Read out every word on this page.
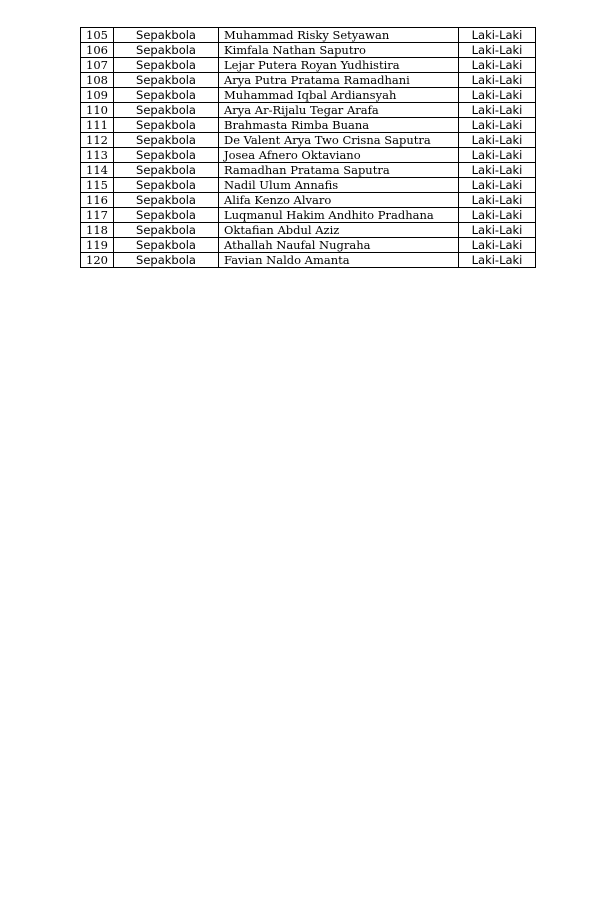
105	Sepakbola	Muhammad Risky Setyawan	Laki-Laki
106	Sepakbola	Kimfala Nathan Saputro	Laki-Laki
107	Sepakbola	Lejar Putera Royan Yudhistira	Laki-Laki
108	Sepakbola	Arya Putra Pratama Ramadhani	Laki-Laki
109	Sepakbola	Muhammad Iqbal Ardiansyah	Laki-Laki
110	Sepakbola	Arya Ar-Rijalu Tegar Arafa	Laki-Laki
111	Sepakbola	Brahmasta Rimba Buana	Laki-Laki
112	Sepakbola	De Valent Arya Two Crisna Saputra	Laki-Laki
113	Sepakbola	Josea Afnero Oktaviano	Laki-Laki
114	Sepakbola	Ramadhan Pratama Saputra	Laki-Laki
115	Sepakbola	Nadil Ulum Annafis	Laki-Laki
116	Sepakbola	Alifa Kenzo Alvaro	Laki-Laki
117	Sepakbola	Luqmanul Hakim Andhito Pradhana	Laki-Laki
118	Sepakbola	Oktafian Abdul Aziz	Laki-Laki
119	Sepakbola	Athallah Naufal Nugraha	Laki-Laki
120	Sepakbola	Favian Naldo Amanta	Laki-Laki
